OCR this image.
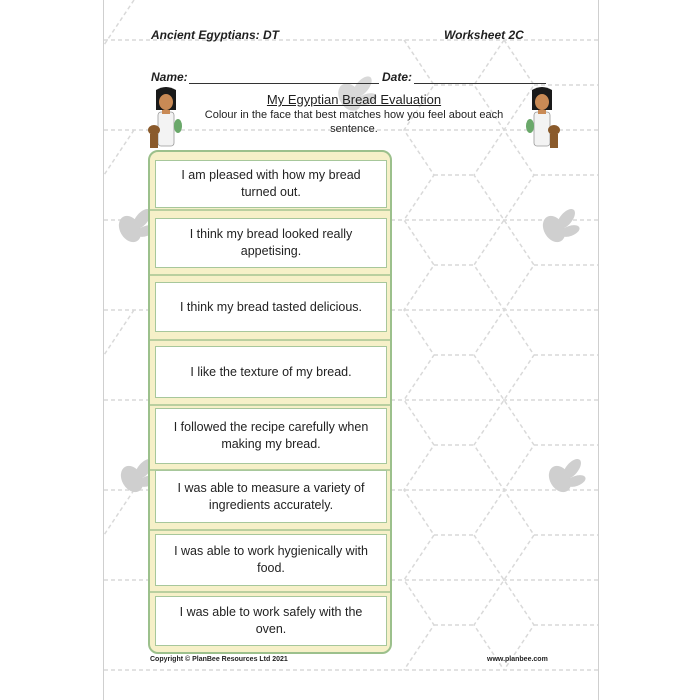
Ancient Egyptians: DT	Worksheet 2C
Name:	Date:
My Egyptian Bread Evaluation
Colour in the face that best matches how you feel about each sentence.
I am pleased with how my bread turned out.
I think my bread looked really appetising.
I think my bread tasted delicious.
I like the texture of my bread.
I followed the recipe carefully when making my bread.
I was able to measure a variety of ingredients accurately.
I was able to work hygienically with food.
I was able to work safely with the oven.
Copyright © PlanBee Resources Ltd 2021	www.planbee.com
